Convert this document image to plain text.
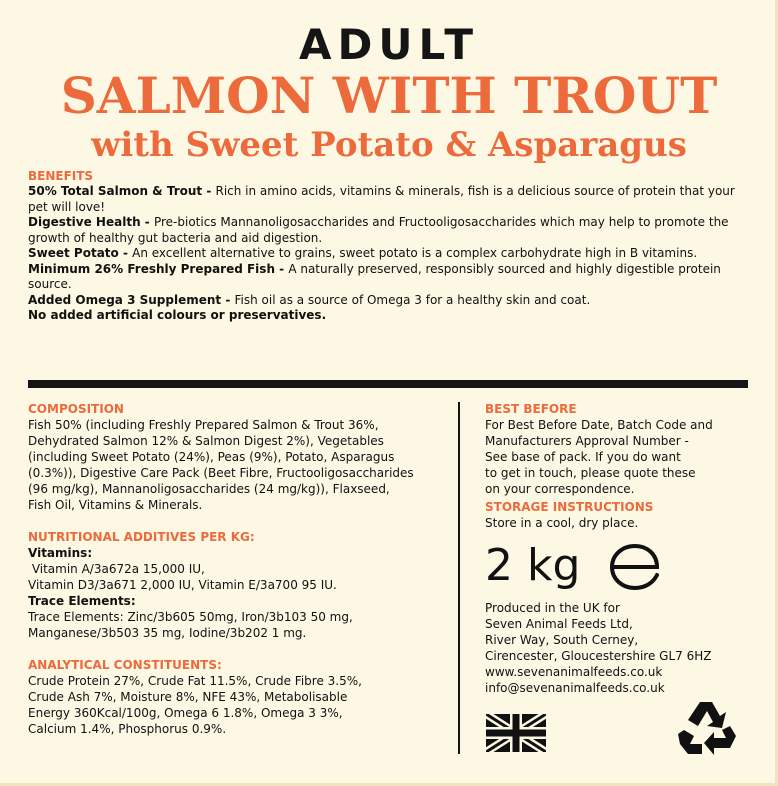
ADULT
SALMON WITH TROUT
with Sweet Potato & Asparagus
BENEFITS

50% Total Salmon & Trout - Rich in amino acids, vitamins & minerals, fish is a delicious source of protein that your pet will love!

Digestive Health - Pre-biotics Mannanoligosaccharides and Fructooligosaccharides which may help to promote the growth of healthy gut bacteria and aid digestion.

Sweet Potato - An excellent alternative to grains, sweet potato is a complex carbohydrate high in B vitamins.

Minimum 26% Freshly Prepared Fish - A naturally preserved, responsibly sourced and highly digestible protein source.

Added Omega 3 Supplement - Fish oil as a source of Omega 3 for a healthy skin and coat.

No added artificial colours or preservatives.

COMPOSITION

Fish 50% (including Freshly Prepared Salmon & Trout 36%,

Dehydrated Salmon 12% & Salmon Digest 2%), Vegetables

(including Sweet Potato (24%), Peas (9%), Potato, Asparagus

(0.3%)), Digestive Care Pack (Beet Fibre, Fructooligosaccharides

(96 mg/kg), Mannanoligosaccharides (24 mg/kg)), Flaxseed,

Fish Oil, Vitamins & Minerals.

NUTRITIONAL ADDITIVES PER KG:
Vitamins:

Vitamin A/3a672a 15,000 IU,

Vitamin D3/3a671 2,000 IU, Vitamin E/3a700 95 IU.

Trace Elements:

Trace Elements: Zinc/3b605 50mg, Iron/3b103 50 mg,

Manganese/3b503 35 mg, Iodine/3b202 1 mg.

ANALYTICAL CONSTITUENTS:

Crude Protein 27%, Crude Fat 11.5%, Crude Fibre 3.5%,

Crude Ash 7%, Moisture 8%, NFE 43%, Metabolisable

Energy 360Kcal/100g, Omega 6 1.8%, Omega 3 3%,

Calcium 1.4%, Phosphorus 0.9%.

BEST BEFORE

For Best Before Date, Batch Code and

Manufacturers Approval Number -

See base of pack. If you do want

to get in touch, please quote these

on your correspondence.

STORAGE INSTRUCTIONS

Store in a cool, dry place.

2 kg	e

Produced in the UK for

Seven Animal Feeds Ltd,

River Way, South Cerney,

Cirencester, Gloucestershire GL7 6HZ

www.sevenanimalfeeds.co.uk

info@sevenanimalfeeds.co.uk
